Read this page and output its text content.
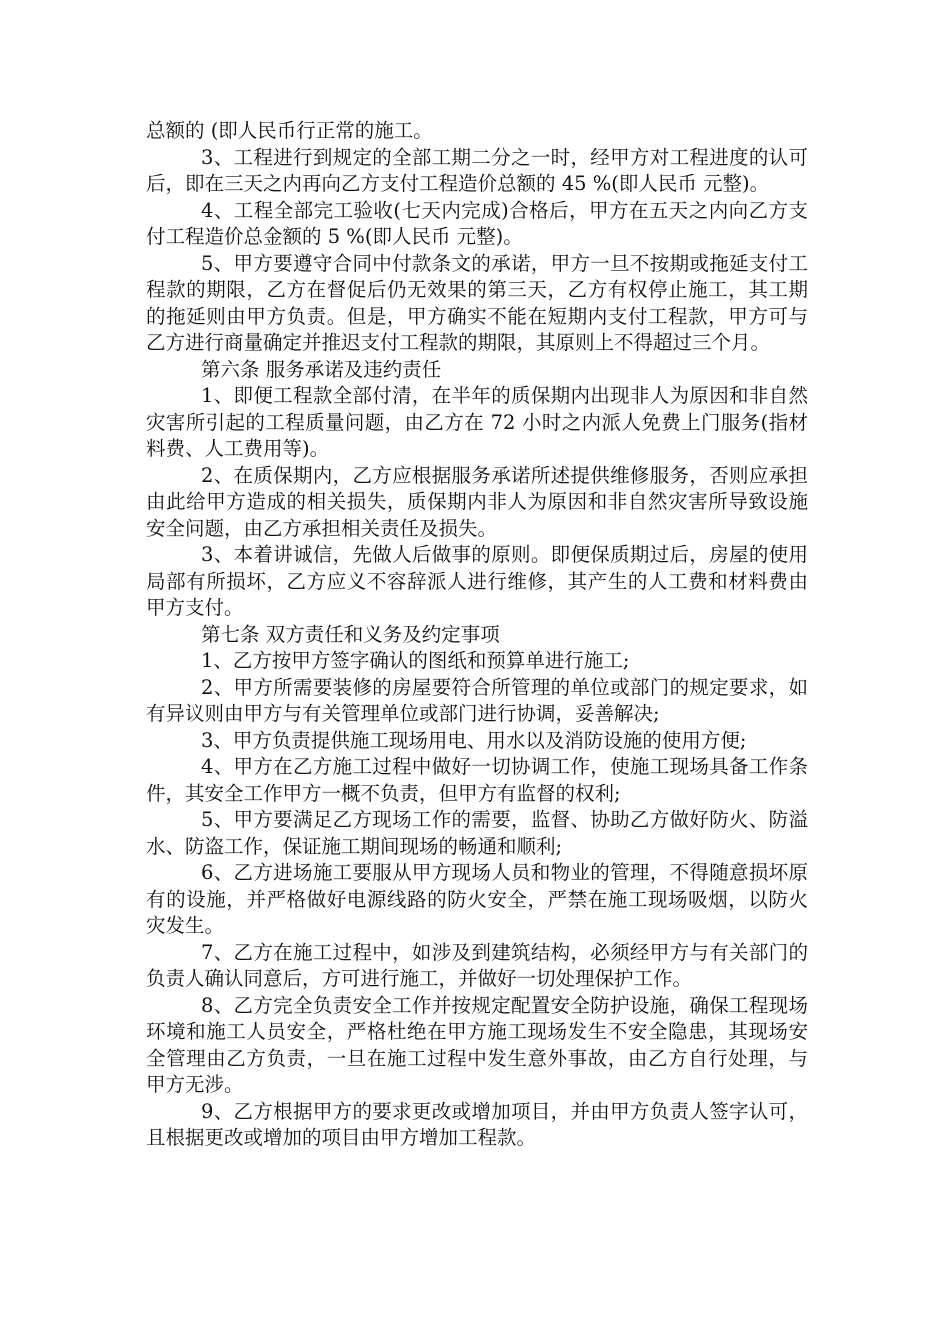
总额的 (即人民币行正常的施工。

3、工程进行到规定的全部工期二分之一时，经甲方对工程进度的认可后，即在三天之内再向乙方支付工程造价总额的 45 %(即人民币 元整)。

4、工程全部完工验收(七天内完成)合格后，甲方在五天之内向乙方支付工程造价总金额的 5 %(即人民币 元整)。

5、甲方要遵守合同中付款条文的承诺，甲方一旦不按期或拖延支付工程款的期限，乙方在督促后仍无效果的第三天，乙方有权停止施工，其工期的拖延则由甲方负责。但是，甲方确实不能在短期内支付工程款，甲方可与乙方进行商量确定并推迟支付工程款的期限，其原则上不得超过三个月。

第六条 服务承诺及违约责任

1、即便工程款全部付清，在半年的质保期内出现非人为原因和非自然灾害所引起的工程质量问题，由乙方在 72 小时之内派人免费上门服务(指材料费、人工费用等)。

2、在质保期内，乙方应根据服务承诺所述提供维修服务，否则应承担由此给甲方造成的相关损失，质保期内非人为原因和非自然灾害所导致设施安全问题，由乙方承担相关责任及损失。

3、本着讲诚信，先做人后做事的原则。即便保质期过后，房屋的使用局部有所损坏，乙方应义不容辞派人进行维修，其产生的人工费和材料费由甲方支付。

第七条 双方责任和义务及约定事项

1、乙方按甲方签字确认的图纸和预算单进行施工;

2、甲方所需要装修的房屋要符合所管理的单位或部门的规定要求，如有异议则由甲方与有关管理单位或部门进行协调，妥善解决;

3、甲方负责提供施工现场用电、用水以及消防设施的使用方便;

4、甲方在乙方施工过程中做好一切协调工作，使施工现场具备工作条件，其安全工作甲方一概不负责，但甲方有监督的权利;

5、甲方要满足乙方现场工作的需要，监督、协助乙方做好防火、防溢水、防盗工作，保证施工期间现场的畅通和顺利;

6、乙方进场施工要服从甲方现场人员和物业的管理，不得随意损坏原有的设施，并严格做好电源线路的防火安全，严禁在施工现场吸烟，以防火灾发生。

7、乙方在施工过程中，如涉及到建筑结构，必须经甲方与有关部门的负责人确认同意后，方可进行施工，并做好一切处理保护工作。

8、乙方完全负责安全工作并按规定配置安全防护设施，确保工程现场环境和施工人员安全，严格杜绝在甲方施工现场发生不安全隐患，其现场安全管理由乙方负责，一旦在施工过程中发生意外事故，由乙方自行处理，与甲方无涉。

9、乙方根据甲方的要求更改或增加项目，并由甲方负责人签字认可，且根据更改或增加的项目由甲方增加工程款。
